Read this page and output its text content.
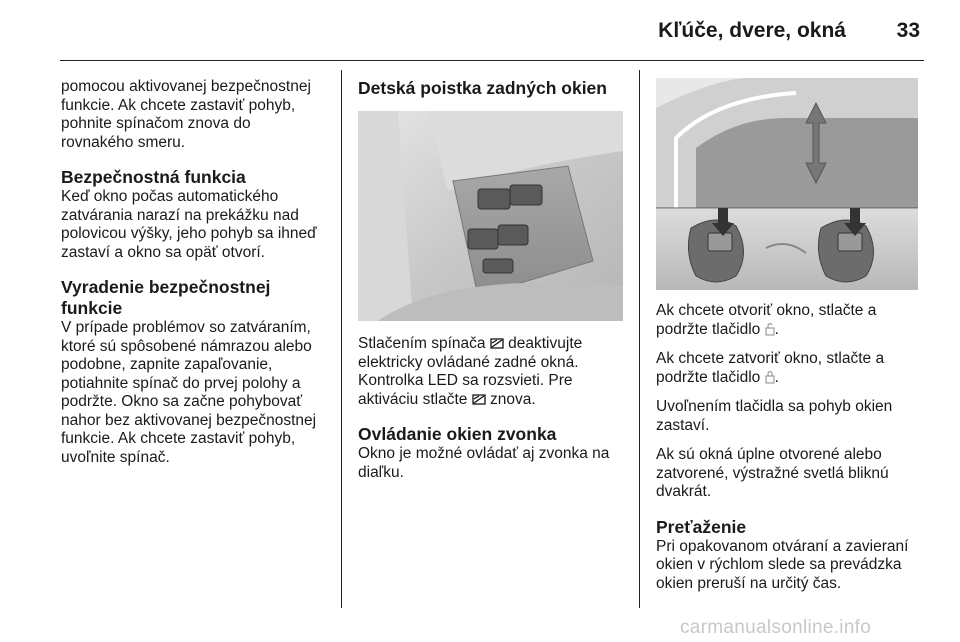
Kľúče, dvere, okná 33

pomocou aktivovanej bezpečnostnej funkcie. Ak chcete zastaviť pohyb, pohnite spínačom znova do rovnakého smeru.

Bezpečnostná funkcia

Keď okno počas automatického zatvárania narazí na prekážku nad polovicou výšky, jeho pohyb sa ihneď zastaví a okno sa opäť otvorí.

Vyradenie bezpečnostnej funkcie

V prípade problémov so zatváraním, ktoré sú spôsobené námrazou alebo podobne, zapnite zapaľovanie, potiahnite spínač do prvej polohy a podržte. Okno sa začne pohybovať nahor bez aktivovanej bezpečnostnej funkcie. Ak chcete zastaviť pohyb, uvoľnite spínač.

Detská poistka zadných okien

Stlačením spínača deaktivujte elektricky ovládané zadné okná. Kontrolka LED sa rozsvieti. Pre aktiváciu stlačte znova.

Ovládanie okien zvonka

Okno je možné ovládať aj zvonka na diaľku.

Ak chcete otvoriť okno, stlačte a podržte tlačidlo .

Ak chcete zatvoriť okno, stlačte a podržte tlačidlo .

Uvoľnením tlačidla sa pohyb okien zastaví.

Ak sú okná úplne otvorené alebo zatvorené, výstražné svetlá bliknú dvakrát.

Preťaženie

Pri opakovanom otváraní a zavieraní okien v rýchlom slede sa prevádzka okien preruší na určitý čas.

carmanualsonline.info
